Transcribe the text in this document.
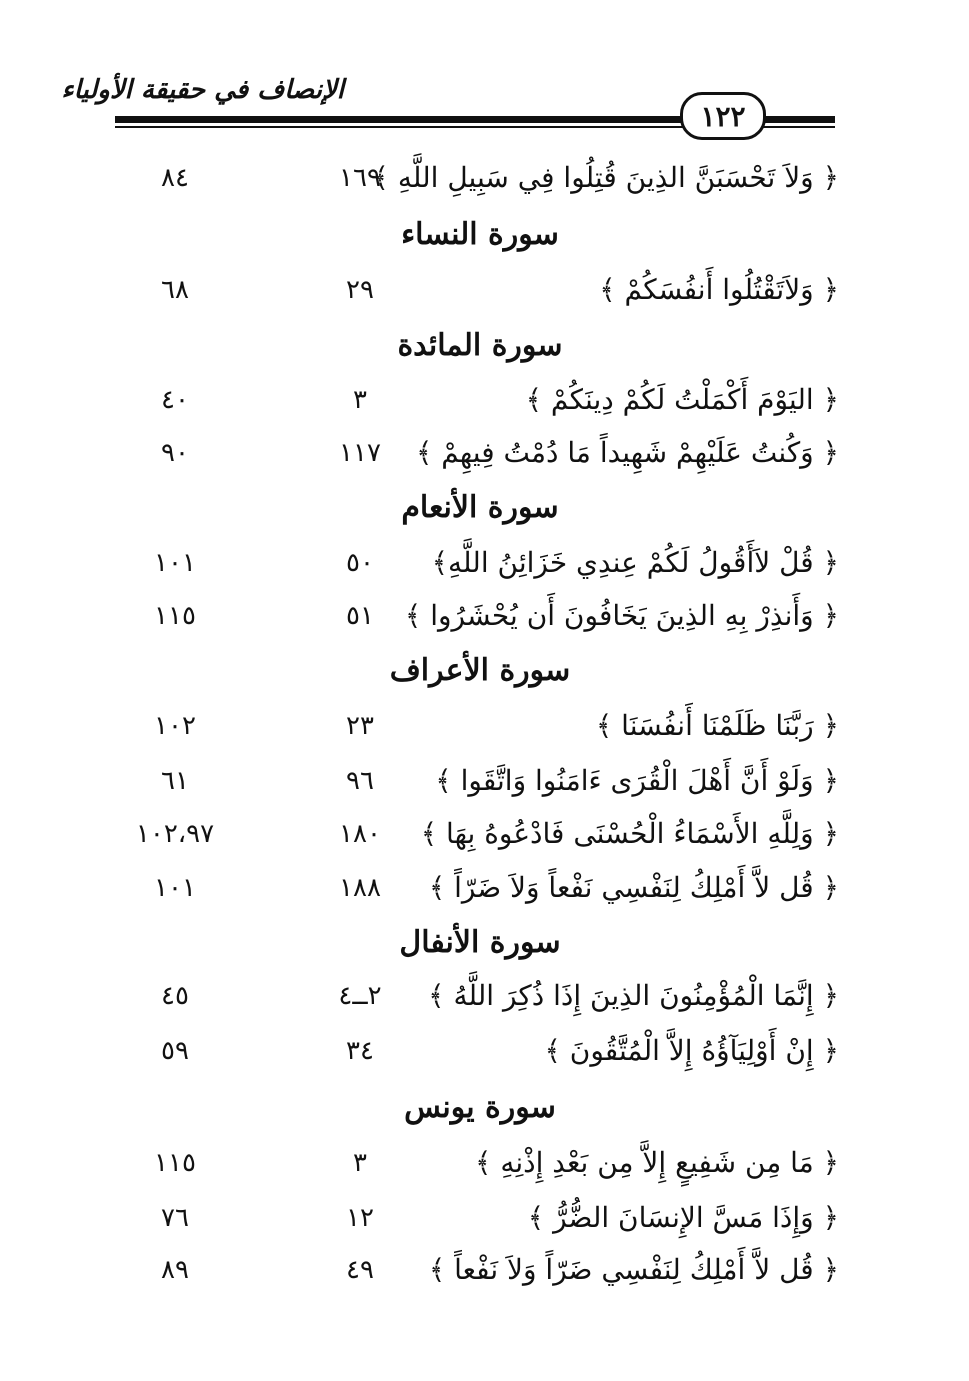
الإنصاف في حقيقة الأولياء
١٢٢
﴿ وَلاَ تَحْسَبَنَّ الذِينَ قُتِلُوا فِي سَبِيلِ اللَّهِ ﴾
١٦٩
٨٤
سورة النساء
﴿ وَلاَتَقْتُلُوا أَنفُسَكُمْ ﴾
٢٩
٦٨
سورة المائدة
﴿ اليَوْمَ أَكْمَلْتُ لَكُمْ دِينَكُمْ ﴾
٣
٤٠
﴿ وَكُنتُ عَلَيْهِمْ شَهِيداً مَا دُمْتُ فِيهِمْ ﴾
١١٧
٩٠
سورة الأنعام
﴿ قُلْ لاَأَقُولُ لَكُمْ عِندِي خَزَائِنُ اللَّهِ﴾
٥٠
١٠١
﴿ وَأَنذِرْ بِهِ الذِينَ يَخَافُونَ أَن يُحْشَرُوا ﴾
٥١
١١٥
سورة الأعراف
﴿ رَبَّنَا ظَلَمْنَا أَنفُسَنَا ﴾
٢٣
١٠٢
﴿ وَلَوْ أَنَّ أَهْلَ الْقُرَى ءَامَنُوا وَاتَّقَوا ﴾
٩٦
٦١
﴿ وَلِلَّهِ الأَسْمَاءُ الْحُسْنَى فَادْعُوهُ بِهَا ﴾
١٨٠
١٠٢،٩٧
﴿ قُل لاَّ أَمْلِكُ لِنَفْسِي نَفْعاً وَلاَ ضَرّاً ﴾
١٨٨
١٠١
سورة الأنفال
﴿ إِنَّمَا الْمُؤْمِنُونَ الذِينَ إِذَا ذُكِرَ اللَّهُ ﴾
٢ــ٤
٤٥
﴿ إِنْ أَوْلِيَآؤُهُ إِلاَّ الْمُتَّقُونَ ﴾
٣٤
٥٩
سورة يونس
﴿ مَا مِن شَفِيعٍ إِلاَّ مِن بَعْدِ إِذْنِهِ ﴾
٣
١١٥
﴿ وَإِذَا مَسَّ الإِنسَانَ الضُّرُّ ﴾
١٢
٧٦
﴿ قُل لاَّ أَمْلِكُ لِنَفْسِي ضَرّاً وَلاَ نَفْعاً ﴾
٤٩
٨٩
